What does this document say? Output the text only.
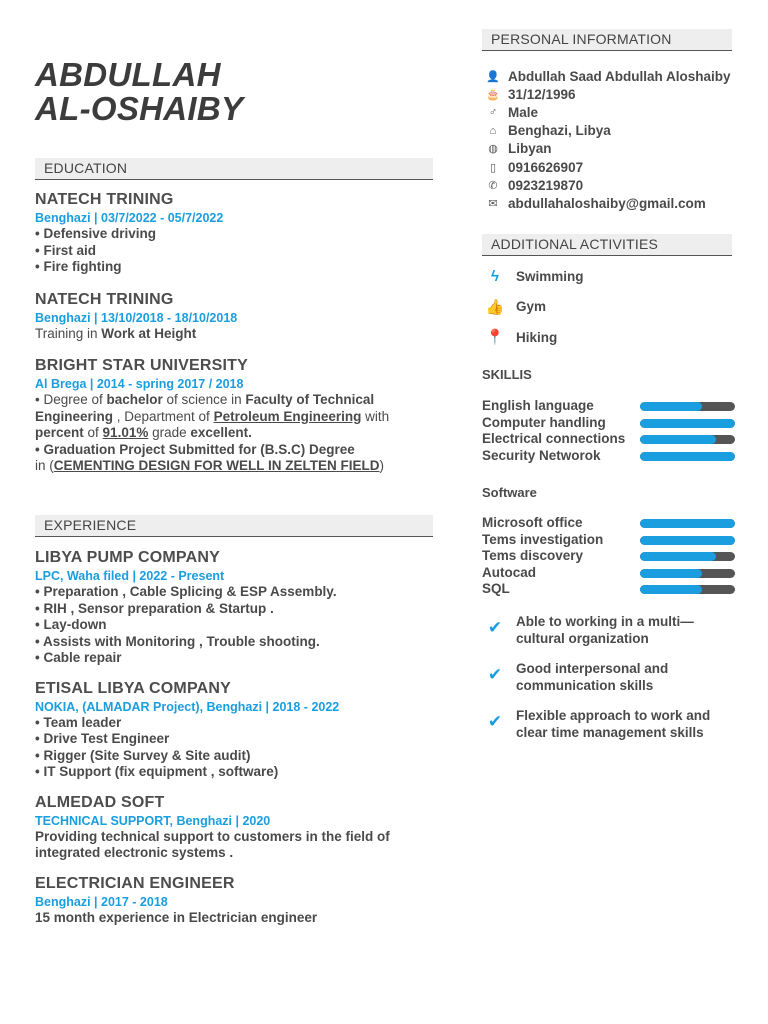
ABDULLAH
AL-OSHAIBY
EDUCATION
NATECH TRINING
Benghazi | 03/7/2022 - 05/7/2022
• Defensive driving
• First aid
• Fire fighting
NATECH TRINING
Benghazi | 13/10/2018 - 18/10/2018
Training in Work at Height
BRIGHT STAR UNIVERSITY
Al Brega | 2014 - spring 2017 / 2018
• Degree of bachelor of science in Faculty of Technical Engineering , Department of Petroleum Engineering with
percent of 91.01% grade excellent.
• Graduation Project Submitted for (B.S.C) Degree
in (CEMENTING DESIGN FOR WELL IN ZELTEN FIELD)
EXPERIENCE
LIBYA PUMP COMPANY
LPC, Waha filed | 2022 - Present
• Preparation , Cable Splicing & ESP Assembly.
• RIH , Sensor preparation & Startup .
• Lay-down
• Assists with Monitoring , Trouble shooting.
• Cable repair
ETISAL LIBYA COMPANY
NOKIA, (ALMADAR Project), Benghazi | 2018 - 2022
• Team leader
• Drive Test Engineer
• Rigger (Site Survey & Site audit)
• IT Support (fix equipment , software)
ALMEDAD SOFT
TECHNICAL SUPPORT, Benghazi | 2020
Providing technical support to customers in the field of
integrated electronic systems .
ELECTRICIAN ENGINEER
Benghazi | 2017 - 2018
15 month experience in Electrician engineer
PERSONAL INFORMATION
👤 Abdullah Saad Abdullah Aloshaiby
🎂 31/12/1996
♂ Male
⌂ Benghazi, Libya
◍ Libyan
▯ 0916626907
✆ 0923219870
✉ abdullahaloshaiby@gmail.com
ADDITIONAL ACTIVITIES
ϟ	Swimming
👍 Gym
📍 Hiking
SKILLIS
English language
Computer handling
Electrical connections
Security Networok
Software
Microsoft office
Tems investigation
Tems discovery
Autocad
SQL
✔	Able to working in a multi—
cultural organization
✔	Good interpersonal and
communication skills
✔	Flexible approach to work and
clear time management skills
